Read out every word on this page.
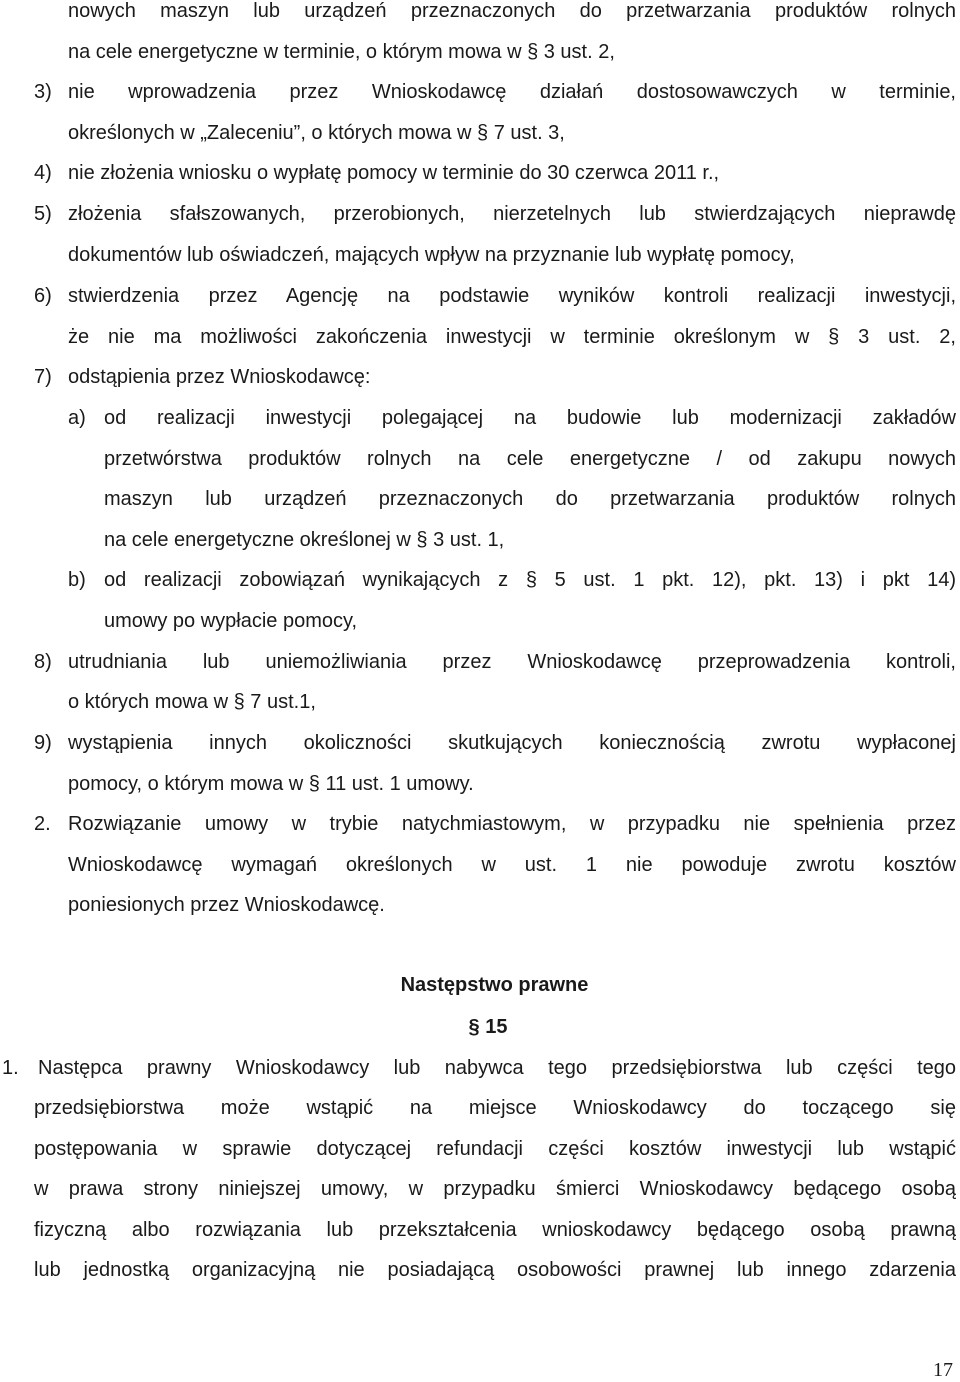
nowych maszyn lub urządzeń przeznaczonych do przetwarzania produktów rolnych
na cele energetyczne w terminie, o którym mowa w § 3 ust. 2,
3) nie wprowadzenia przez Wnioskodawcę działań dostosowawczych w terminie,
określonych w „Zaleceniu”, o których mowa w § 7 ust. 3,
4) nie złożenia wniosku o wypłatę pomocy w terminie do 30 czerwca 2011 r.,
5) złożenia sfałszowanych, przerobionych, nierzetelnych lub stwierdzających nieprawdę
dokumentów lub oświadczeń, mających wpływ na przyznanie lub wypłatę pomocy,
6) stwierdzenia przez Agencję na podstawie wyników kontroli realizacji inwestycji,
że nie ma możliwości zakończenia inwestycji w terminie określonym w § 3 ust. 2,
7) odstąpienia przez Wnioskodawcę:
a) od realizacji inwestycji polegającej na budowie lub modernizacji zakładów
przetwórstwa produktów rolnych na cele energetyczne / od zakupu nowych
maszyn lub urządzeń przeznaczonych do przetwarzania produktów rolnych
na cele energetyczne określonej w § 3 ust. 1,
b) od realizacji zobowiązań wynikających z § 5 ust. 1 pkt. 12), pkt. 13) i pkt 14)
umowy po wypłacie pomocy,
8) utrudniania lub uniemożliwiania przez Wnioskodawcę przeprowadzenia kontroli,
o których mowa w § 7 ust.1,
9) wystąpienia innych okoliczności skutkujących koniecznością zwrotu wypłaconej
pomocy, o którym mowa w § 11 ust. 1 umowy.
2. Rozwiązanie umowy w trybie natychmiastowym, w przypadku nie spełnienia przez
Wnioskodawcę wymagań określonych w ust. 1 nie powoduje zwrotu kosztów
poniesionych przez Wnioskodawcę.
Następstwo prawne
§ 15
1. Następca prawny Wnioskodawcy lub nabywca tego przedsiębiorstwa lub części tego
przedsiębiorstwa może wstąpić na miejsce Wnioskodawcy do toczącego się
postępowania w sprawie dotyczącej refundacji części kosztów inwestycji lub wstąpić
w prawa strony niniejszej umowy, w przypadku śmierci Wnioskodawcy będącego osobą
fizyczną albo rozwiązania lub przekształcenia wnioskodawcy będącego osobą prawną
lub jednostką organizacyjną nie posiadającą osobowości prawnej lub innego zdarzenia
17
